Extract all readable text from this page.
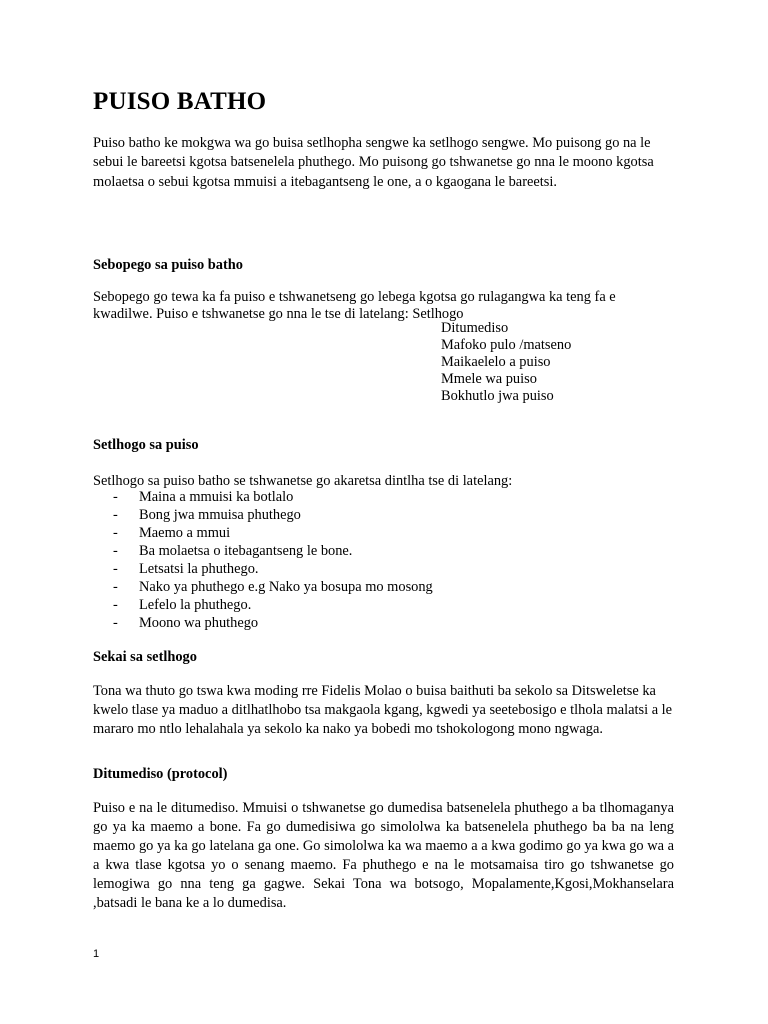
PUISO BATHO

Puiso batho ke mokgwa wa go buisa setlhopha sengwe ka setlhogo sengwe. Mo puisong go na le sebui le bareetsi kgotsa batsenelela phuthego. Mo puisong go tshwanetse go nna le moono kgotsa molaetsa o sebui kgotsa mmuisi a itebagantseng le one, a o kgaogana le bareetsi.

Sebopego sa puiso batho

Sebopego go tewa ka fa puiso e tshwanetseng go lebega kgotsa go rulagangwa ka teng fa e kwadilwe. Puiso e tshwanetse go nna le tse di latelang: Setlhogo

Ditumediso
Mafoko pulo /matseno
Maikaelelo a puiso
Mmele wa puiso
Bokhutlo jwa puiso
Setlhogo sa puiso

Setlhogo sa puiso batho se tshwanetse go akaretsa dintlha tse di latelang:

- Maina a mmuisi ka botlalo
- Bong jwa mmuisa phuthego
- Maemo a mmui
- Ba molaetsa o itebagantseng le bone.
- Letsatsi la phuthego.
- Nako ya phuthego e.g Nako ya bosupa mo mosong
- Lefelo la phuthego.
- Moono wa phuthego
Sekai sa setlhogo

Tona wa thuto go tswa kwa moding rre Fidelis Molao o buisa baithuti ba sekolo sa Ditsweletse ka kwelo tlase ya maduo a ditlhatlhobo tsa makgaola kgang, kgwedi ya seetebosigo e tlhola malatsi a le mararo mo ntlo lehalahala ya sekolo ka nako ya bobedi mo tshokologong mono ngwaga.

Ditumediso (protocol)

Puiso e na le ditumediso. Mmuisi o tshwanetse go dumedisa batsenelela phuthego a ba tlhomaganya go ya ka maemo a bone. Fa go dumedisiwa go simololwa ka batsenelela phuthego ba ba na leng maemo go ya ka go latelana ga one. Go simololwa ka wa maemo a a kwa godimo go ya kwa go wa a a kwa tlase kgotsa yo o senang maemo. Fa phuthego e na le motsamaisa tiro go tshwanetse go lemogiwa go nna teng ga gagwe. Sekai Tona wa botsogo, Mopalamente,Kgosi,Mokhanselara ,batsadi le bana ke a lo dumedisa.

1
